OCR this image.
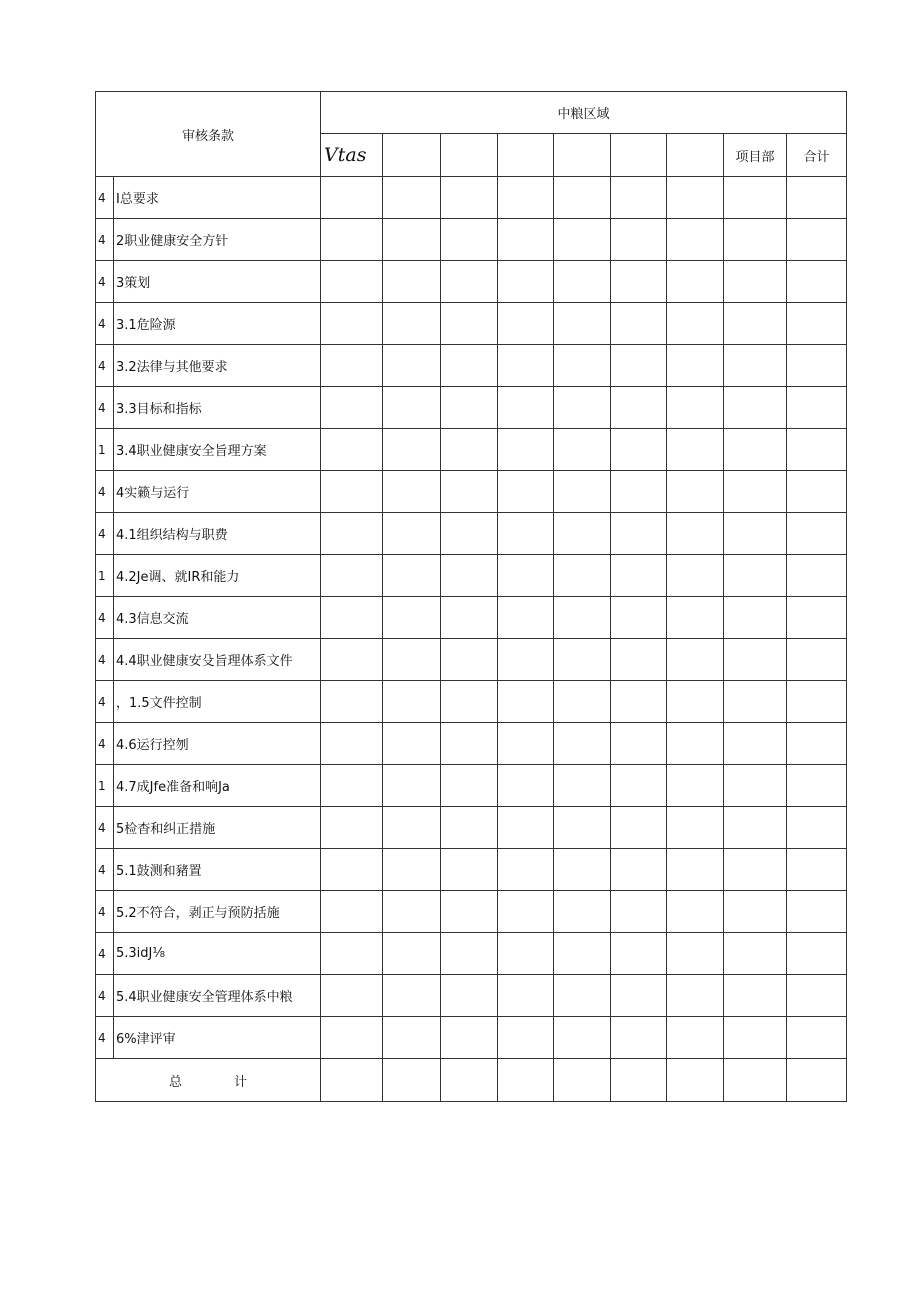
审核条款		中粮区域								
		Vtas							项目部	合计
4	I总要求									
4	2职业健康安全方针									
4	3策划									
4	3.1危险源									
4	3.2法律与其他要求									
4	3.3目标和指标									
1	3.4职业健康安全旨理方案									
4	4实籁与运行									
4	4.1组织结构与职费									
1	4.2Je调、就IR和能力									
4	4.3信息交流									
4	4.4职业健康安殳旨理体系文件									
4	，1.5文件控制									
4	4.6运行控刎									
1	4.7成Jfe准备和响Ja									
4	5检杳和纠正措施									
4	5.1鼓测和豬置									
4	5.2不符合，剥正与预防括施									
4	5.3idJ⅛									
4	5.4职业健康安全管理体系中粮									
4	6%津评审									
总 计										
